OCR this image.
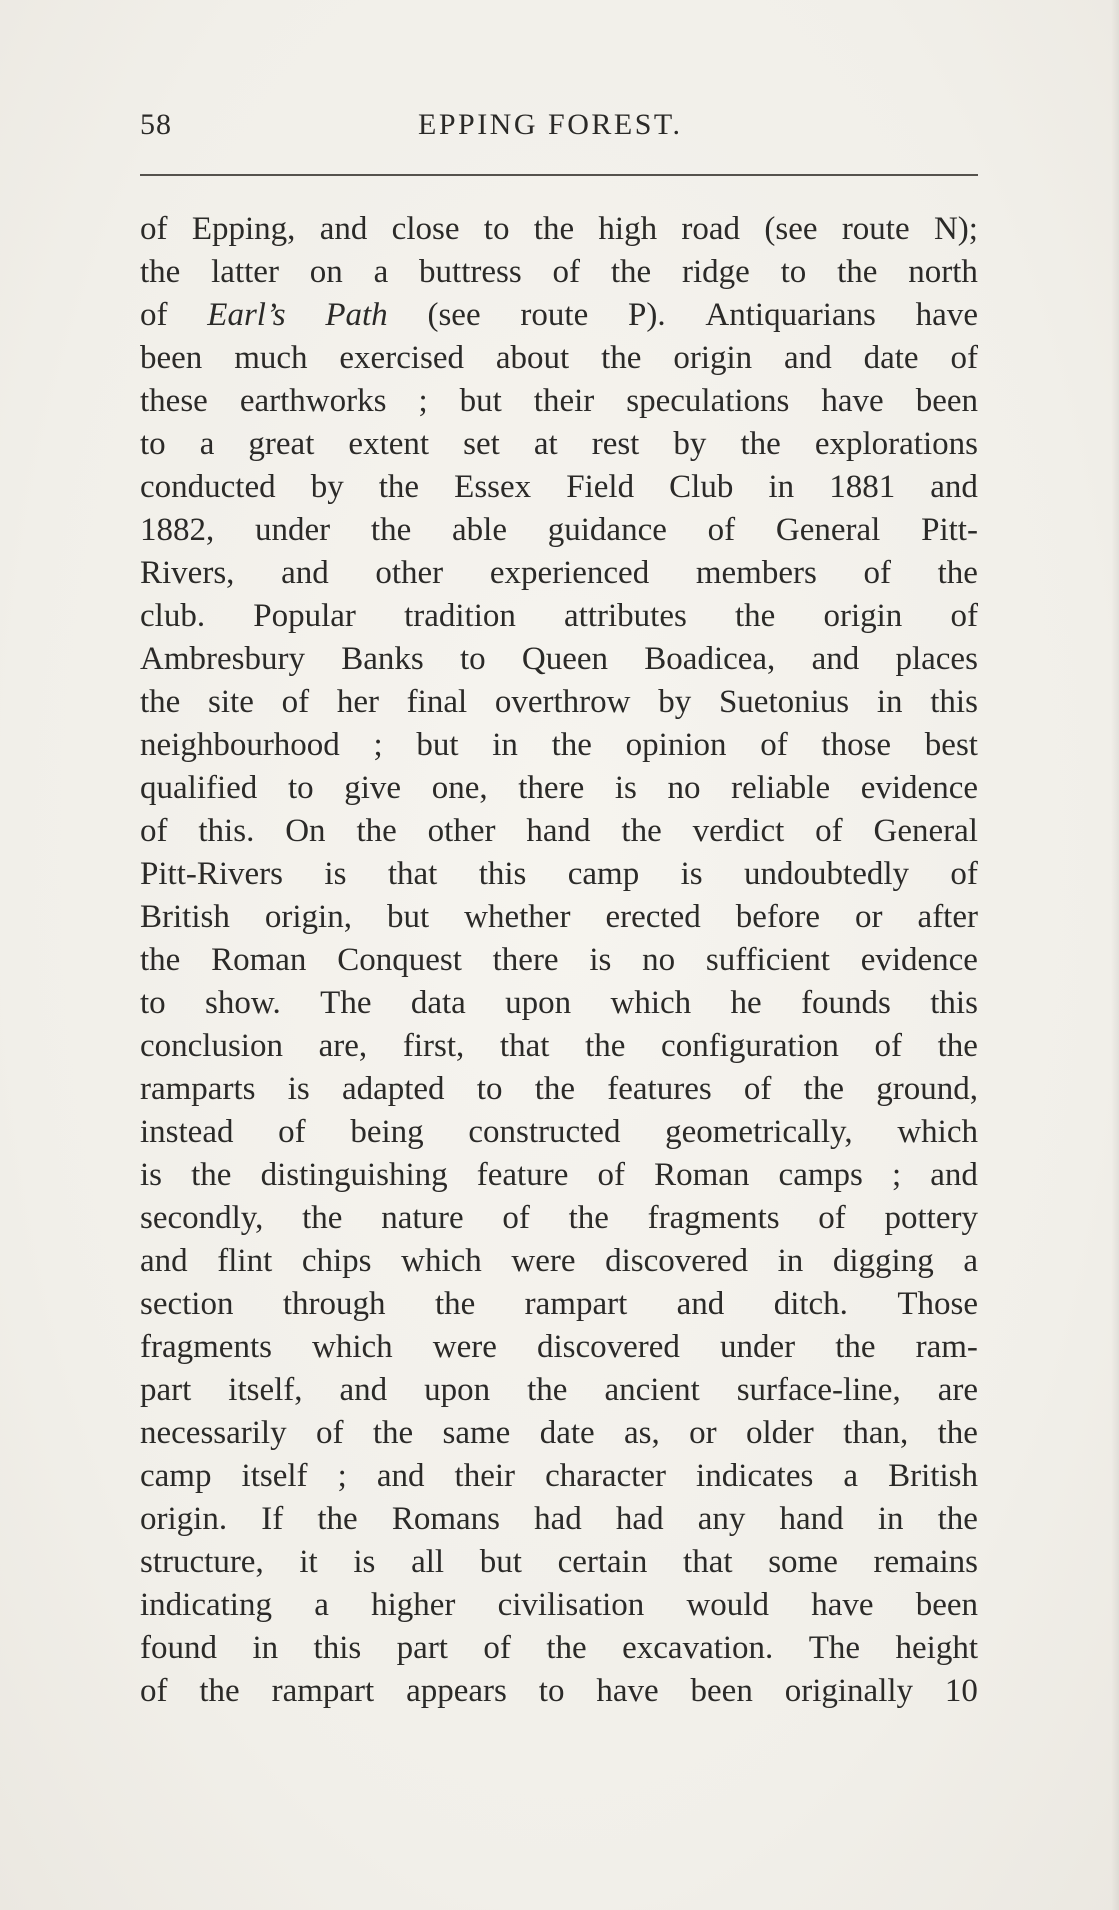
58	EPPING FOREST.
of Epping, and close to the high road (see route N);
the latter on a buttress of the ridge to the north
of Earl’s Path (see route P). Antiquarians have
been much exercised about the origin and date of
these earthworks ; but their speculations have been
to a great extent set at rest by the explorations
conducted by the Essex Field Club in 1881 and
1882, under the able guidance of General Pitt-
Rivers, and other experienced members of the
club. Popular tradition attributes the origin of
Ambresbury Banks to Queen Boadicea, and places
the site of her final overthrow by Suetonius in this
neighbourhood ; but in the opinion of those best
qualified to give one, there is no reliable evidence
of this. On the other hand the verdict of General
Pitt-Rivers is that this camp is undoubtedly of
British origin, but whether erected before or after
the Roman Conquest there is no sufficient evidence
to show. The data upon which he founds this
conclusion are, first, that the configuration of the
ramparts is adapted to the features of the ground,
instead of being constructed geometrically, which
is the distinguishing feature of Roman camps ; and
secondly, the nature of the fragments of pottery
and flint chips which were discovered in digging a
section through the rampart and ditch. Those
fragments which were discovered under the ram-
part itself, and upon the ancient surface-line, are
necessarily of the same date as, or older than, the
camp itself ; and their character indicates a British
origin. If the Romans had had any hand in the
structure, it is all but certain that some remains
indicating a higher civilisation would have been
found in this part of the excavation. The height
of the rampart appears to have been originally 10
